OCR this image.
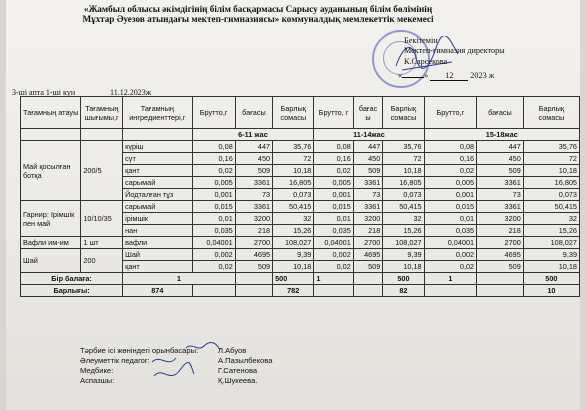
«Жамбыл облысы әкімдігінің білім басқармасы Сарысу ауданының білім бөлімінің
Мұхтар Әуезов атындағы мектеп-гимназиясы» коммуналдық мемлекеттік мекемесі
Бекітемін
Мектеп-гимназия директоры
К.Сарсекова
«	» 12 2023 ж
3-ші апта 1-ші күн	11.12.2023ж
Тағамның атауы	Тағамның шығымы,г	Тағамның ингредиенттері,г	Брутто,г	бағасы	Барлық сомасы	Брутто, г	бағас ы	Барлық сомасы	Брутто,г	бағасы	Барлық сомасы
			6-11 жас			11-14жас			15-18жас		
Май қосылған ботқа	200/5	күріш	0,08	447	35,76	0,08	447	35,76	0,08	447	35,76
		сүт	0,16	450	72	0,16	450	72	0,16	450	72
		қант	0,02	509	10,18	0,02	509	10,18	0,02	509	10,18
		сарымай	0,005	3361	16,805	0,005	3361	16,805	0,005	3361	16,805
		Йодталған тұз	0,001	73	0,073	0,001	73	0,073	0,001	73	0,073
Гарнир: Ірімшік пен май	10/10/35	сарымай	0,015	3361	50,415	0,015	3361	50,415	0,015	3361	50,415
		ірімшік	0,01	3200	32	0,01	3200	32	0,01	3200	32
		нан	0,035	218	15,26	0,035	218	15,26	0,035	218	15,26
Вафли им-им	1 шт	вафли	0,04001	2700	108,027	0,04001	2700	108,027	0,04001	2700	108,027
Шай	200	Шай	0,002	4695	9,39	0,002	4695	9,39	0,002	4695	9,39
		қант	0,02	509	10,18	0,02	509	10,18	0,02	509	10,18
Бір балаға:		1			500	1		500	1		500
Барлығы:		874			782			82			10
Тәрбие ісі жөніндегі орынбасары:	Л.Абуов
Әлеуметтік педагог:	А.Пазылбекова
Медбике:	Г.Сатенова
Аспазшы:	Қ.Шукеева.
